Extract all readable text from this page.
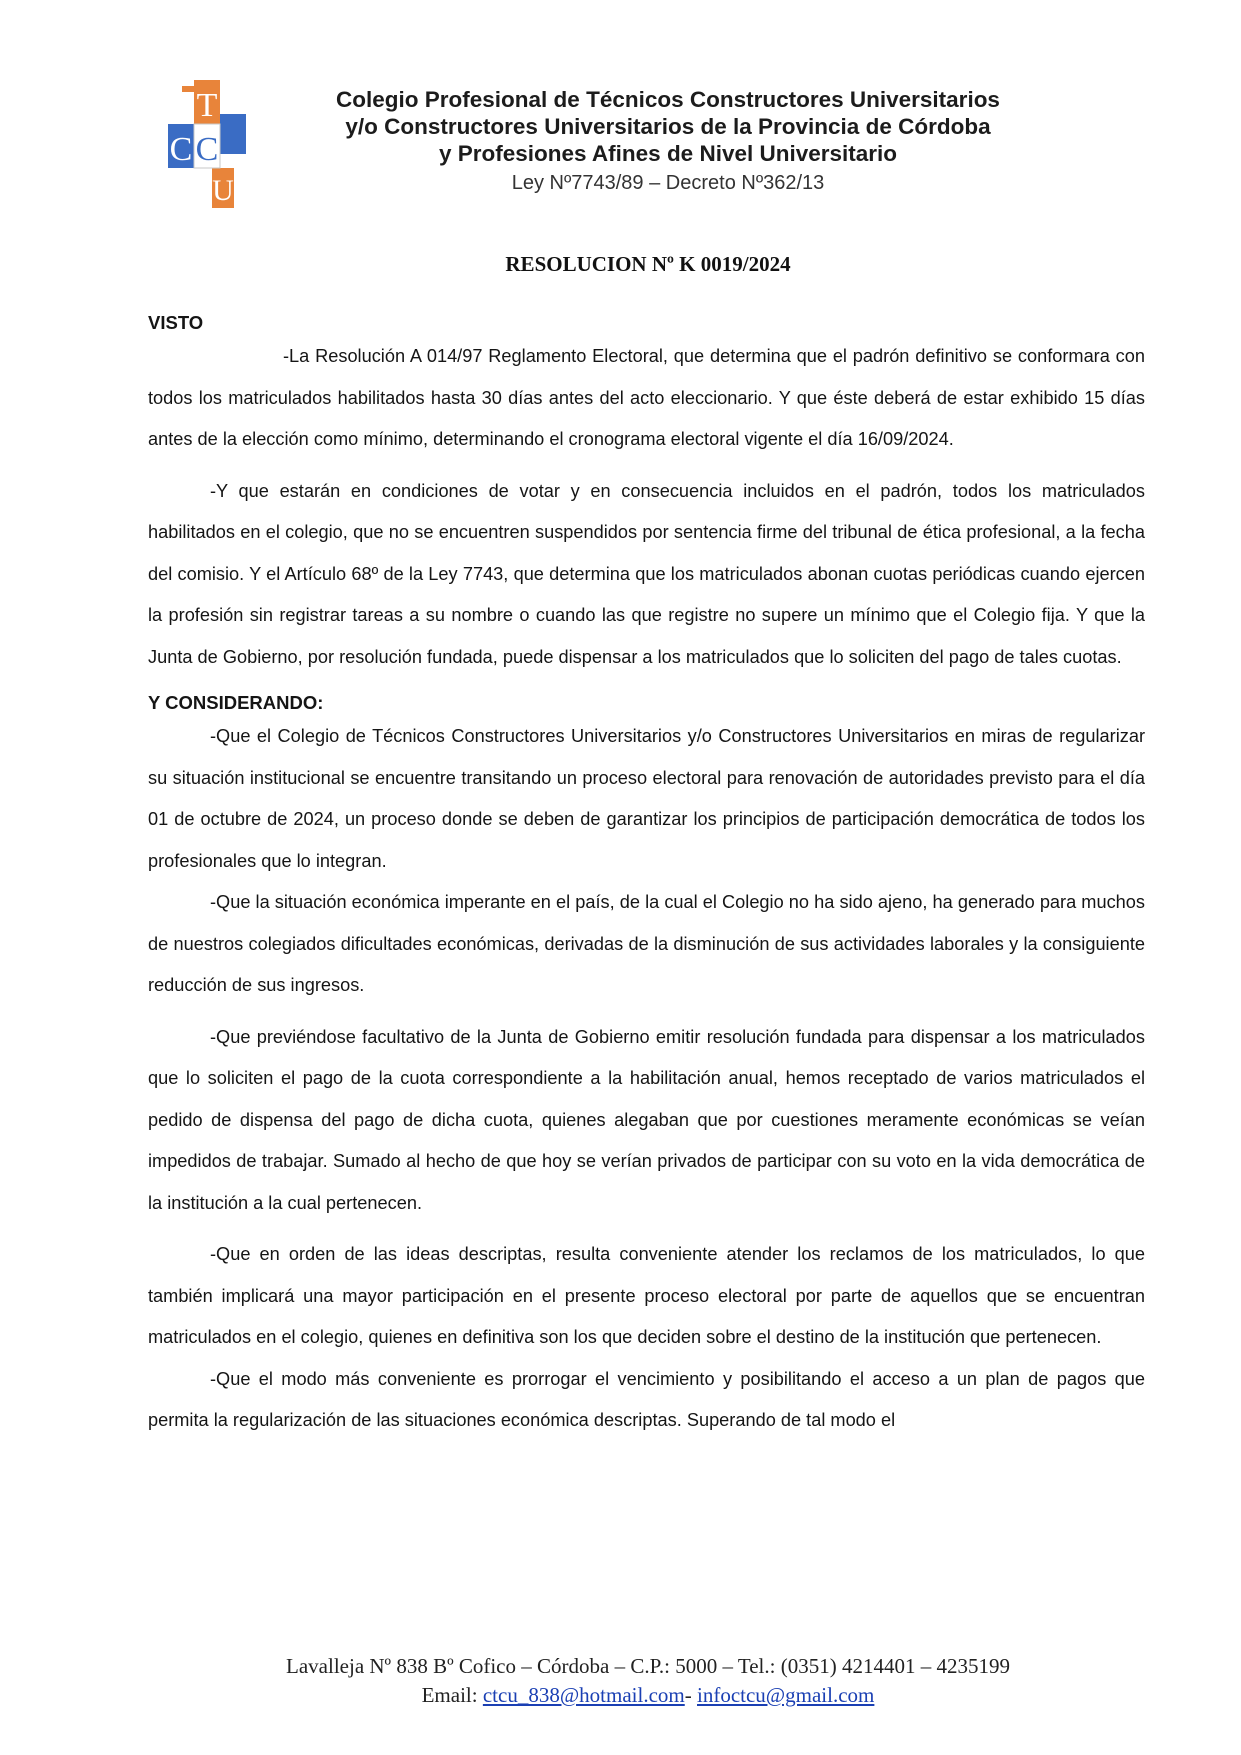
T
C C
U
Colegio Profesional de Técnicos Constructores Universitarios
y/o Constructores Universitarios de la Provincia de Córdoba
y Profesiones Afines de Nivel Universitario
Ley Nº7743/89 – Decreto Nº362/13
RESOLUCION Nº K 0019/2024
VISTO

-La Resolución A 014/97 Reglamento Electoral, que determina que el padrón definitivo se conformara con todos los matriculados habilitados hasta 30 días antes del acto eleccionario. Y que éste deberá de estar exhibido 15 días antes de la elección como mínimo, determinando el cronograma electoral vigente el día 16/09/2024.

-Y que estarán en condiciones de votar y en consecuencia incluidos en el padrón, todos los matriculados habilitados en el colegio, que no se encuentren suspendidos por sentencia firme del tribunal de ética profesional, a la fecha del comisio. Y el Artículo 68º de la Ley 7743, que determina que los matriculados abonan cuotas periódicas cuando ejercen la profesión sin registrar tareas a su nombre o cuando las que registre no supere un mínimo que el Colegio fija. Y que la Junta de Gobierno, por resolución fundada, puede dispensar a los matriculados que lo soliciten del pago de tales cuotas.

Y CONSIDERANDO:

-Que el Colegio de Técnicos Constructores Universitarios y/o Constructores Universitarios en miras de regularizar su situación institucional se encuentre transitando un proceso electoral para renovación de autoridades previsto para el día 01 de octubre de 2024, un proceso donde se deben de garantizar los principios de participación democrática de todos los profesionales que lo integran.

-Que la situación económica imperante en el país, de la cual el Colegio no ha sido ajeno, ha generado para muchos de nuestros colegiados dificultades económicas, derivadas de la disminución de sus actividades laborales y la consiguiente reducción de sus ingresos.

-Que previéndose facultativo de la Junta de Gobierno emitir resolución fundada para dispensar a los matriculados que lo soliciten el pago de la cuota correspondiente a la habilitación anual, hemos receptado de varios matriculados el pedido de dispensa del pago de dicha cuota, quienes alegaban que por cuestiones meramente económicas se veían impedidos de trabajar. Sumado al hecho de que hoy se verían privados de participar con su voto en la vida democrática de la institución a la cual pertenecen.

-Que en orden de las ideas descriptas, resulta conveniente atender los reclamos de los matriculados, lo que también implicará una mayor participación en el presente proceso electoral por parte de aquellos que se encuentran matriculados en el colegio, quienes en definitiva son los que deciden sobre el destino de la institución que pertenecen.

-Que el modo más conveniente es prorrogar el vencimiento y posibilitando el acceso a un plan de pagos que permita la regularización de las situaciones económica descriptas. Superando de tal modo el

Lavalleja Nº 838 Bº Cofico – Córdoba – C.P.: 5000 – Tel.: (0351) 4214401 – 4235199
Email: ctcu_838@hotmail.com- infoctcu@gmail.com
